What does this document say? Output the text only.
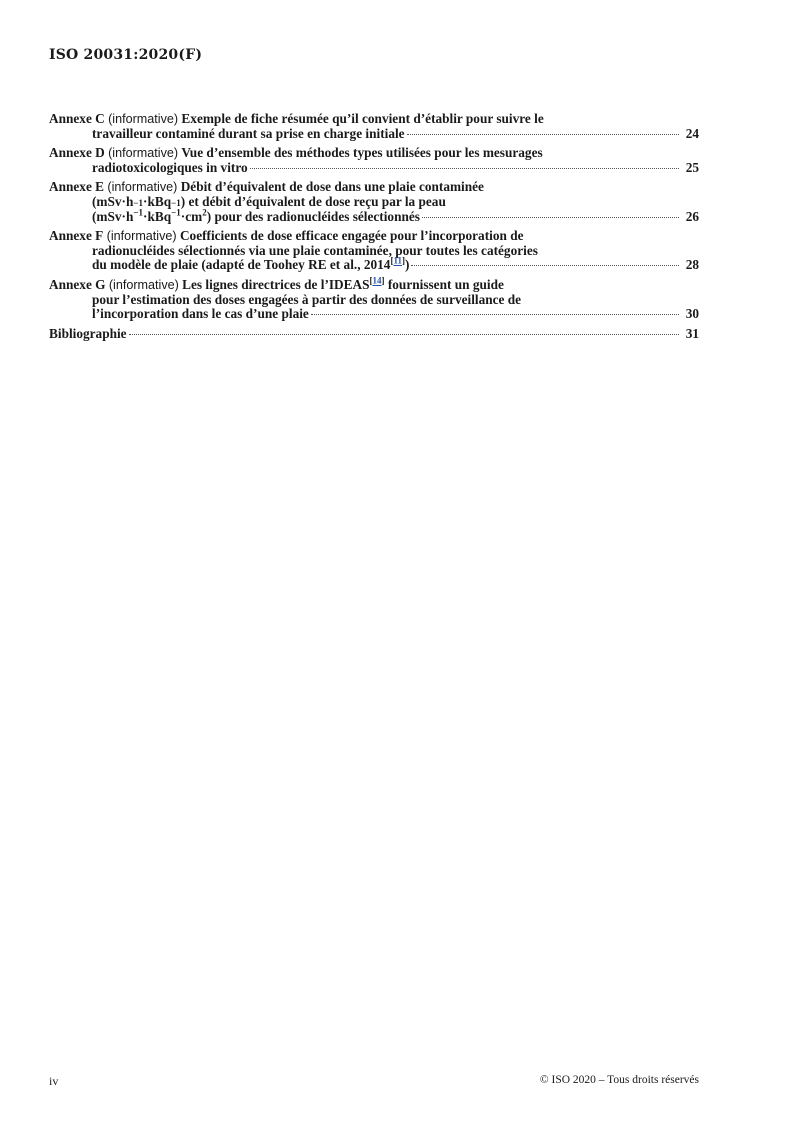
ISO 20031:2020(F)
Annexe C
(informative)
Exemple de fiche résumée qu’il convient d’établir pour suivre le
travailleur contaminé durant sa prise en charge initiale	24
Annexe D
(informative)
Vue d’ensemble des méthodes types utilisées pour les mesurages
radiotoxicologiques in vitro	25
Annexe E
(informative)
Débit d’équivalent de dose dans une plaie contaminée
(mSv·h −1 ·kBq −1 ) et débit d’équivalent de dose reçu par la peau
$(mSv\cdot h^{-1}\cdot kBq^{-1}\cdot cm^2)$ pour des radionucléides sélectionnés	26
Annexe F
(informative)
Coefficients de dose efficace engagée pour l’incorporation de
radionucléides sélectionnés via une plaie contaminée, pour toutes les catégories
du modèle de plaie (adapté de Toohey RE et al., 2014[11])	28
Annexe G
(informative)
Les lignes directrices de l’IDEAS[14] fournissent un guide
pour l’estimation des doses engagées à partir des données de surveillance de
l’incorporation dans le cas d’une plaie	30
Bibliographie	31
iv	© ISO 2020 – Tous droits réservés
